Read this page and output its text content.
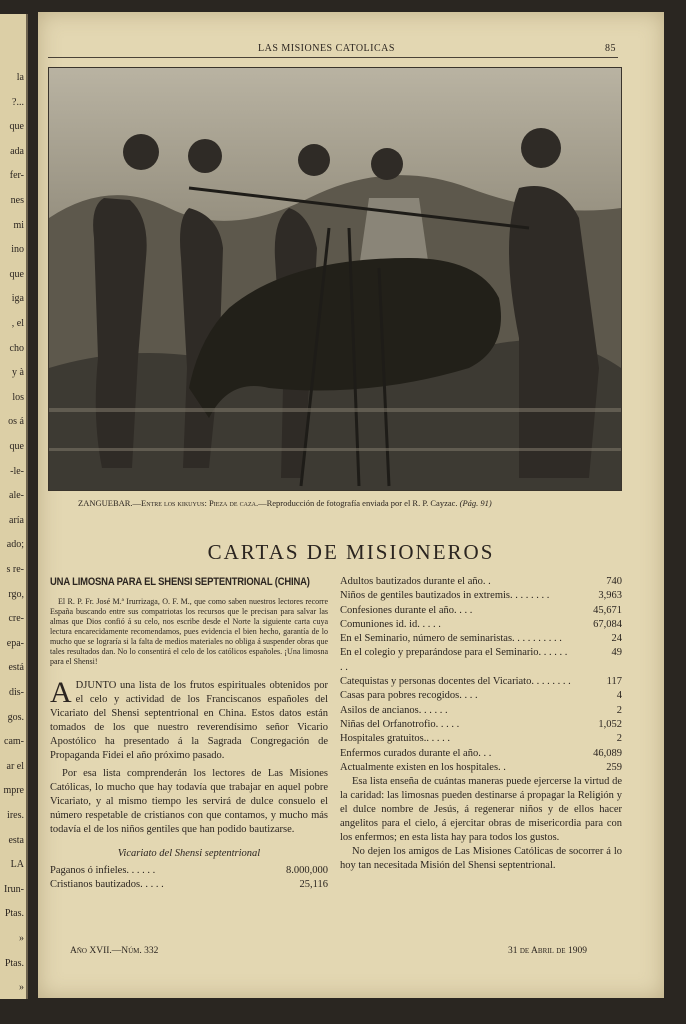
la
?...
que
ada
fer-
nes
mi
ino
que
iga
, el
cho
y à
los
os á
que
-le-
ale-
aría
ado;
s re-
rgo,
cre-
epa-
está
dis-
gos.
cam-
ar el
mpre
ires.
esta
LA
Irun-
Ptas.
»
Ptas.
»
LAS MISIONES CATOLICAS	85
ZANGUEBAR.—Entre los kikuyus: Pieza de caza.—Reproducción de fotografía enviada por el R. P. Cayzac. (Pág. 91)
CARTAS DE MISIONEROS
UNA LIMOSNA PARA EL SHENSI SEPTENTRIONAL (CHINA)

El R. P. Fr. José M.ª Irurrizaga, O. F. M., que como saben nuestros lectores recorre España buscando entre sus compatriotas los recursos que le precisan para salvar las almas que Dios confió á su celo, nos escribe desde el Norte la siguiente carta cuya lectura encarecidamente recomendamos, pues evidencia el bien hecho, garantía de lo mucho que se lograría si la falta de medios materiales no obliga á suspender obras que tales resultados dan. No lo consentirá el celo de los católicos españoles. ¡Una limosna para el Shensi!

ADJUNTO una lista de los frutos espirituales obtenidos por el celo y actividad de los Franciscanos españoles del Vicariato del Shensi septentrional en China. Estos datos están tomados de los que nuestro reverendísimo señor Vicario Apostólico ha presentado á la Sagrada Congregación de Propaganda Fidei el año próximo pasado.

Por esa lista comprenderán los lectores de Las Misiones Católicas, lo mucho que hay todavía que trabajar en aquel pobre Vicariato, y al mismo tiempo les servirá de dulce consuelo el número respetable de cristianos con que contamos, y mucho más todavía el de los niños gentiles que han podido bautizarse.

Vicariato del Shensi septentrional
Paganos ó infieles. . . . . .	8.000,000
Cristianos bautizados. . . . .	25,116
Adultos bautizados durante el año. .	740
Niños de gentiles bautizados in extremis. . . . . . . .	3,963
Confesiones durante el año. . . .	45,671
Comuniones id. id. . . . .	67,084
En el Seminario, número de seminaristas. . . . . . . . . .	24
En el colegio y preparándose para el Seminario. . . . . . . .
49
Catequistas y personas docentes del Vicariato. . . . . . . .	117
Casas para pobres recogidos. . . .	4
Asilos de ancianos. . . . . .	2
Niñas del Orfanotrofio. . . . .	1,052
Hospitales gratuitos.. . . . .	2
Enfermos curados durante el año. . .	46,089
Actualmente existen en los hospitales. .	259

Esa lista enseña de cuántas maneras puede ejercerse la virtud de la caridad: las limosnas pueden destinarse á propagar la Religión y el dulce nombre de Jesús, á regenerar niños y de ellos hacer angelitos para el cielo, á ejercitar obras de misericordia para con los enfermos; en esta lista hay para todos los gustos.

No dejen los amigos de Las Misiones Católicas de socorrer á lo hoy tan necesitada Misión del Shensi septentrional.

Año XVII.—Núm. 332	31 de Abril de 1909
